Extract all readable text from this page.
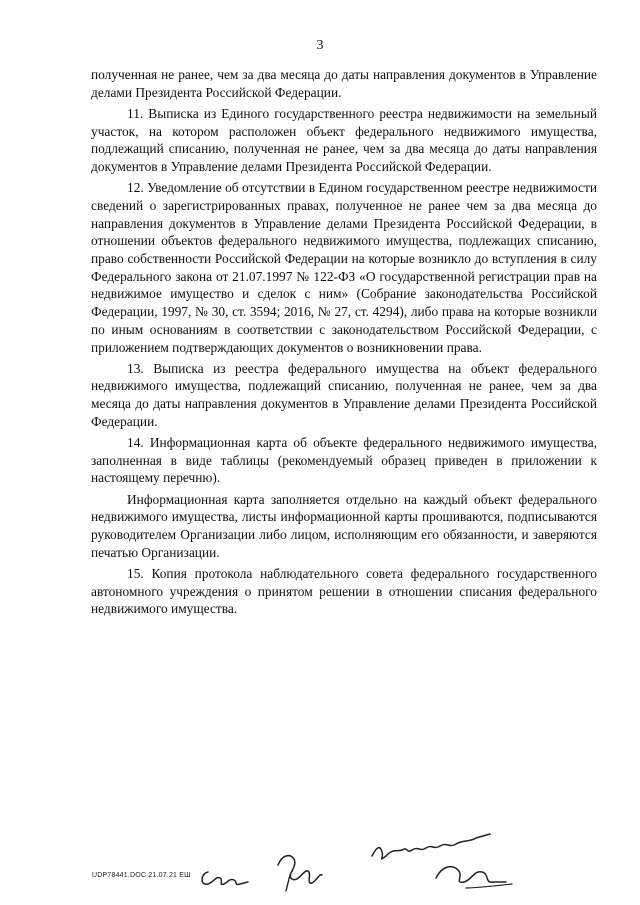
3

полученная не ранее, чем за два месяца до даты направления документов в Управление делами Президента Российской Федерации.

11. Выписка из Единого государственного реестра недвижимости на земельный участок, на котором расположен объект федерального недвижимого имущества, подлежащий списанию, полученная не ранее, чем за два месяца до даты направления документов в Управление делами Президента Российской Федерации.

12. Уведомление об отсутствии в Едином государственном реестре недвижимости сведений о зарегистрированных правах, полученное не ранее чем за два месяца до направления документов в Управление делами Президента Российской Федерации, в отношении объектов федерального недвижимого имущества, подлежащих списанию, право собственности Российской Федерации на которые возникло до вступления в силу Федерального закона от 21.07.1997 № 122-ФЗ «О государственной регистрации прав на недвижимое имущество и сделок с ним» (Собрание законодательства Российской Федерации, 1997, № 30, ст. 3594; 2016, № 27, ст. 4294), либо права на которые возникли по иным основаниям в соответствии с законодательством Российской Федерации, с приложением подтверждающих документов о возникновении права.

13. Выписка из реестра федерального имущества на объект федерального недвижимого имущества, подлежащий списанию, полученная не ранее, чем за два месяца до даты направления документов в Управление делами Президента Российской Федерации.

14. Информационная карта об объекте федерального недвижимого имущества, заполненная в виде таблицы (рекомендуемый образец приведен в приложении к настоящему перечню).

Информационная карта заполняется отдельно на каждый объект федерального недвижимого имущества, листы информационной карты прошиваются, подписываются руководителем Организации либо лицом, исполняющим его обязанности, и заверяются печатью Организации.

15. Копия протокола наблюдательного совета федерального государственного автономного учреждения о принятом решении в отношении списания федерального недвижимого имущества.

UDP78441.DOC 21.07.21 EШ
